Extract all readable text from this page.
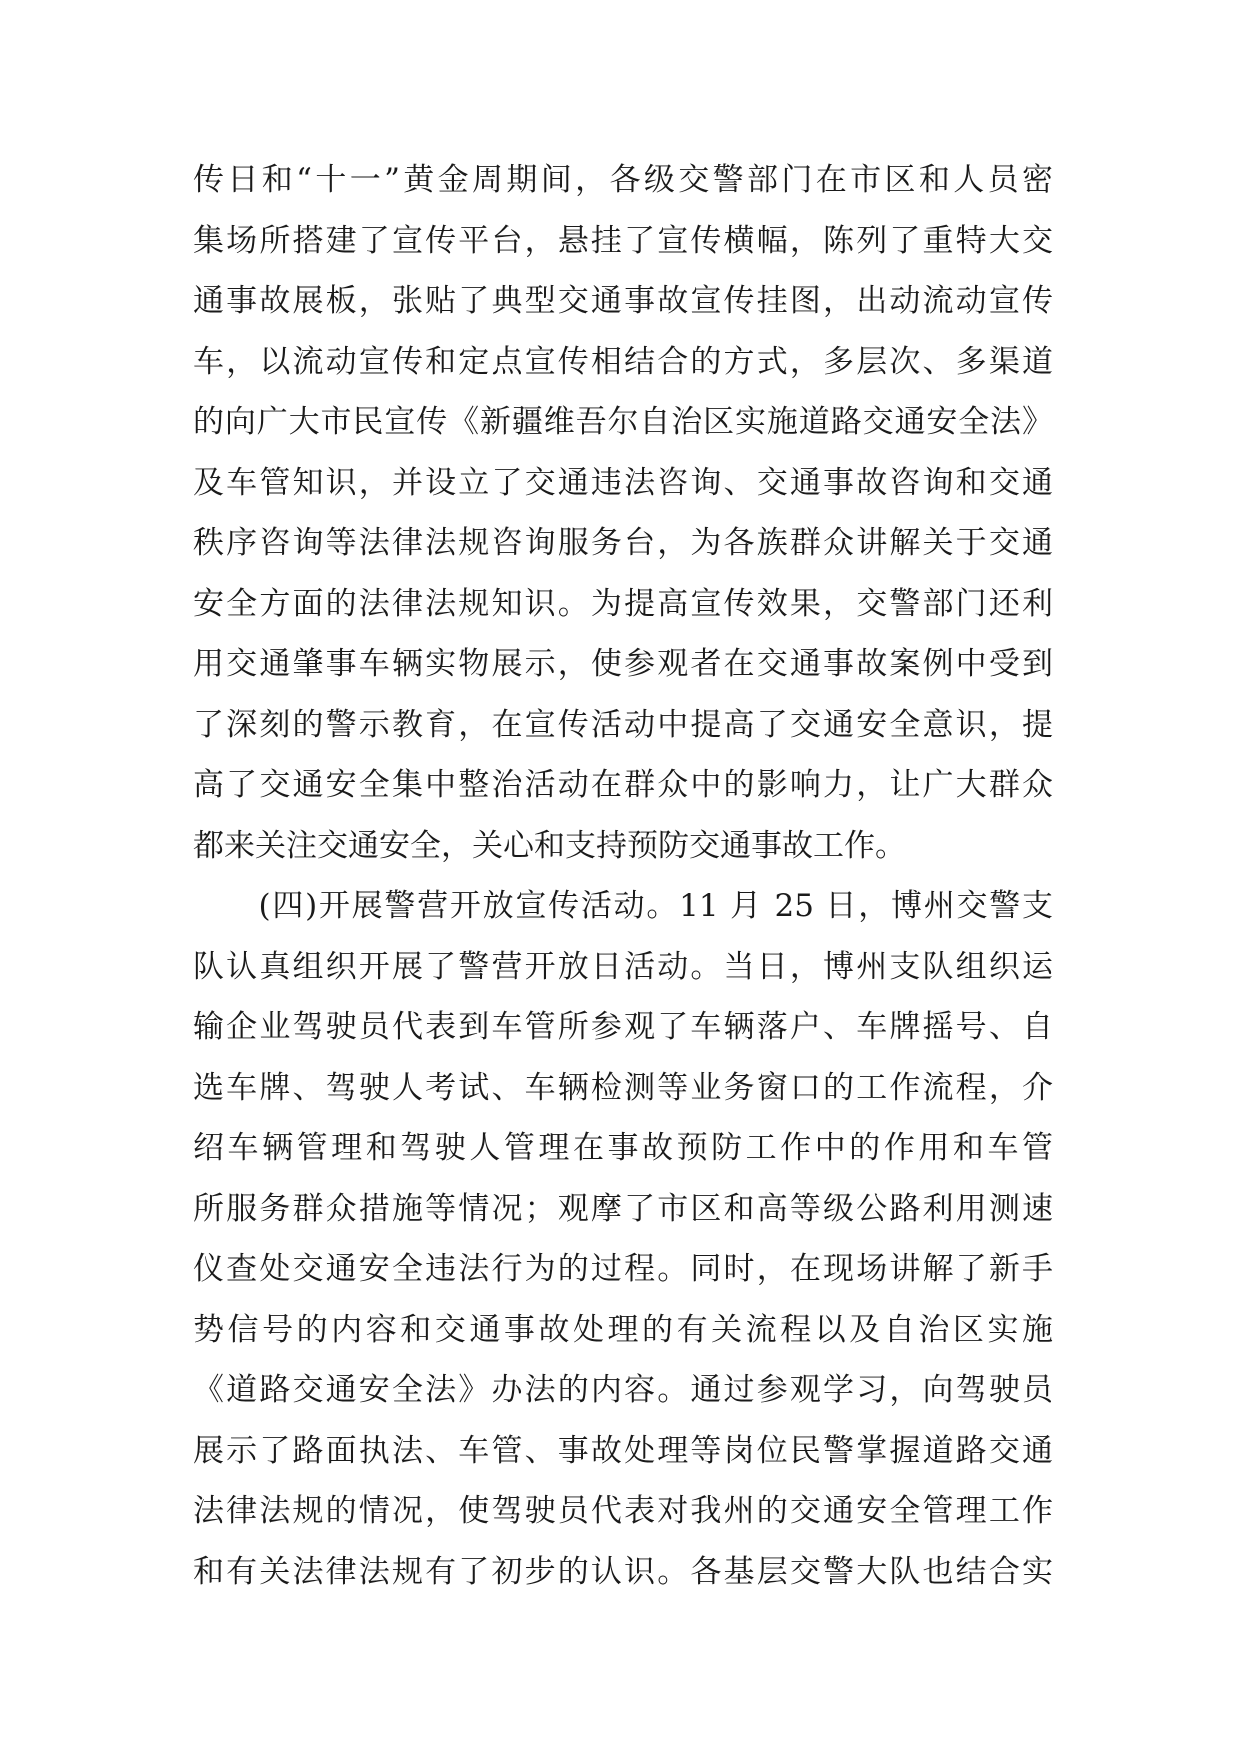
传日和“十一”黄金周期间，各级交警部门在市区和人员密
集场所搭建了宣传平台，悬挂了宣传横幅，陈列了重特大交
通事故展板，张贴了典型交通事故宣传挂图，出动流动宣传
车，以流动宣传和定点宣传相结合的方式，多层次、多渠道
的向广大市民宣传《新疆维吾尔自治区实施道路交通安全法》
及车管知识，并设立了交通违法咨询、交通事故咨询和交通
秩序咨询等法律法规咨询服务台，为各族群众讲解关于交通
安全方面的法律法规知识。为提高宣传效果，交警部门还利
用交通肇事车辆实物展示，使参观者在交通事故案例中受到
了深刻的警示教育，在宣传活动中提高了交通安全意识，提
高了交通安全集中整治活动在群众中的影响力，让广大群众
都来关注交通安全，关心和支持预防交通事故工作。
　　(四)开展警营开放宣传活动。11 月 25 日，博州交警支
队认真组织开展了警营开放日活动。当日，博州支队组织运
输企业驾驶员代表到车管所参观了车辆落户、车牌摇号、自
选车牌、驾驶人考试、车辆检测等业务窗口的工作流程，介
绍车辆管理和驾驶人管理在事故预防工作中的作用和车管
所服务群众措施等情况；观摩了市区和高等级公路利用测速
仪查处交通安全违法行为的过程。同时，在现场讲解了新手
势信号的内容和交通事故处理的有关流程以及自治区实施
《道路交通安全法》办法的内容。通过参观学习，向驾驶员
展示了路面执法、车管、事故处理等岗位民警掌握道路交通
法律法规的情况，使驾驶员代表对我州的交通安全管理工作
和有关法律法规有了初步的认识。各基层交警大队也结合实
